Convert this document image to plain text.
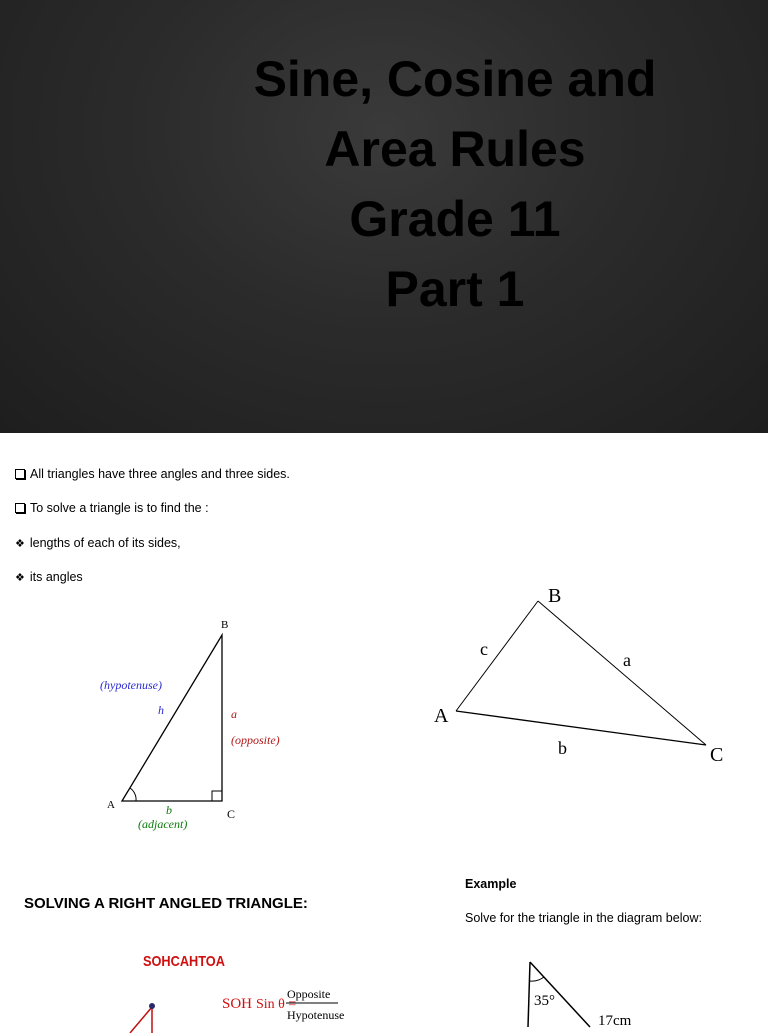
Sine, Cosine and
Area Rules
Grade 11
Part 1
All triangles have three angles and three sides.
To solve a triangle is to find the :
❖ lengths of each of its sides,
❖ its angles
B
A
C
(hypotenuse)
h	a
(opposite)
b
(adjacent)
B
A
C
c
a
b
Example
SOLVING A RIGHT ANGLED TRIANGLE:
Solve for the triangle in the diagram below:
SOHCAHTOA
SOH Sin θ =
Opposite
Hypotenuse
35°
17cm
